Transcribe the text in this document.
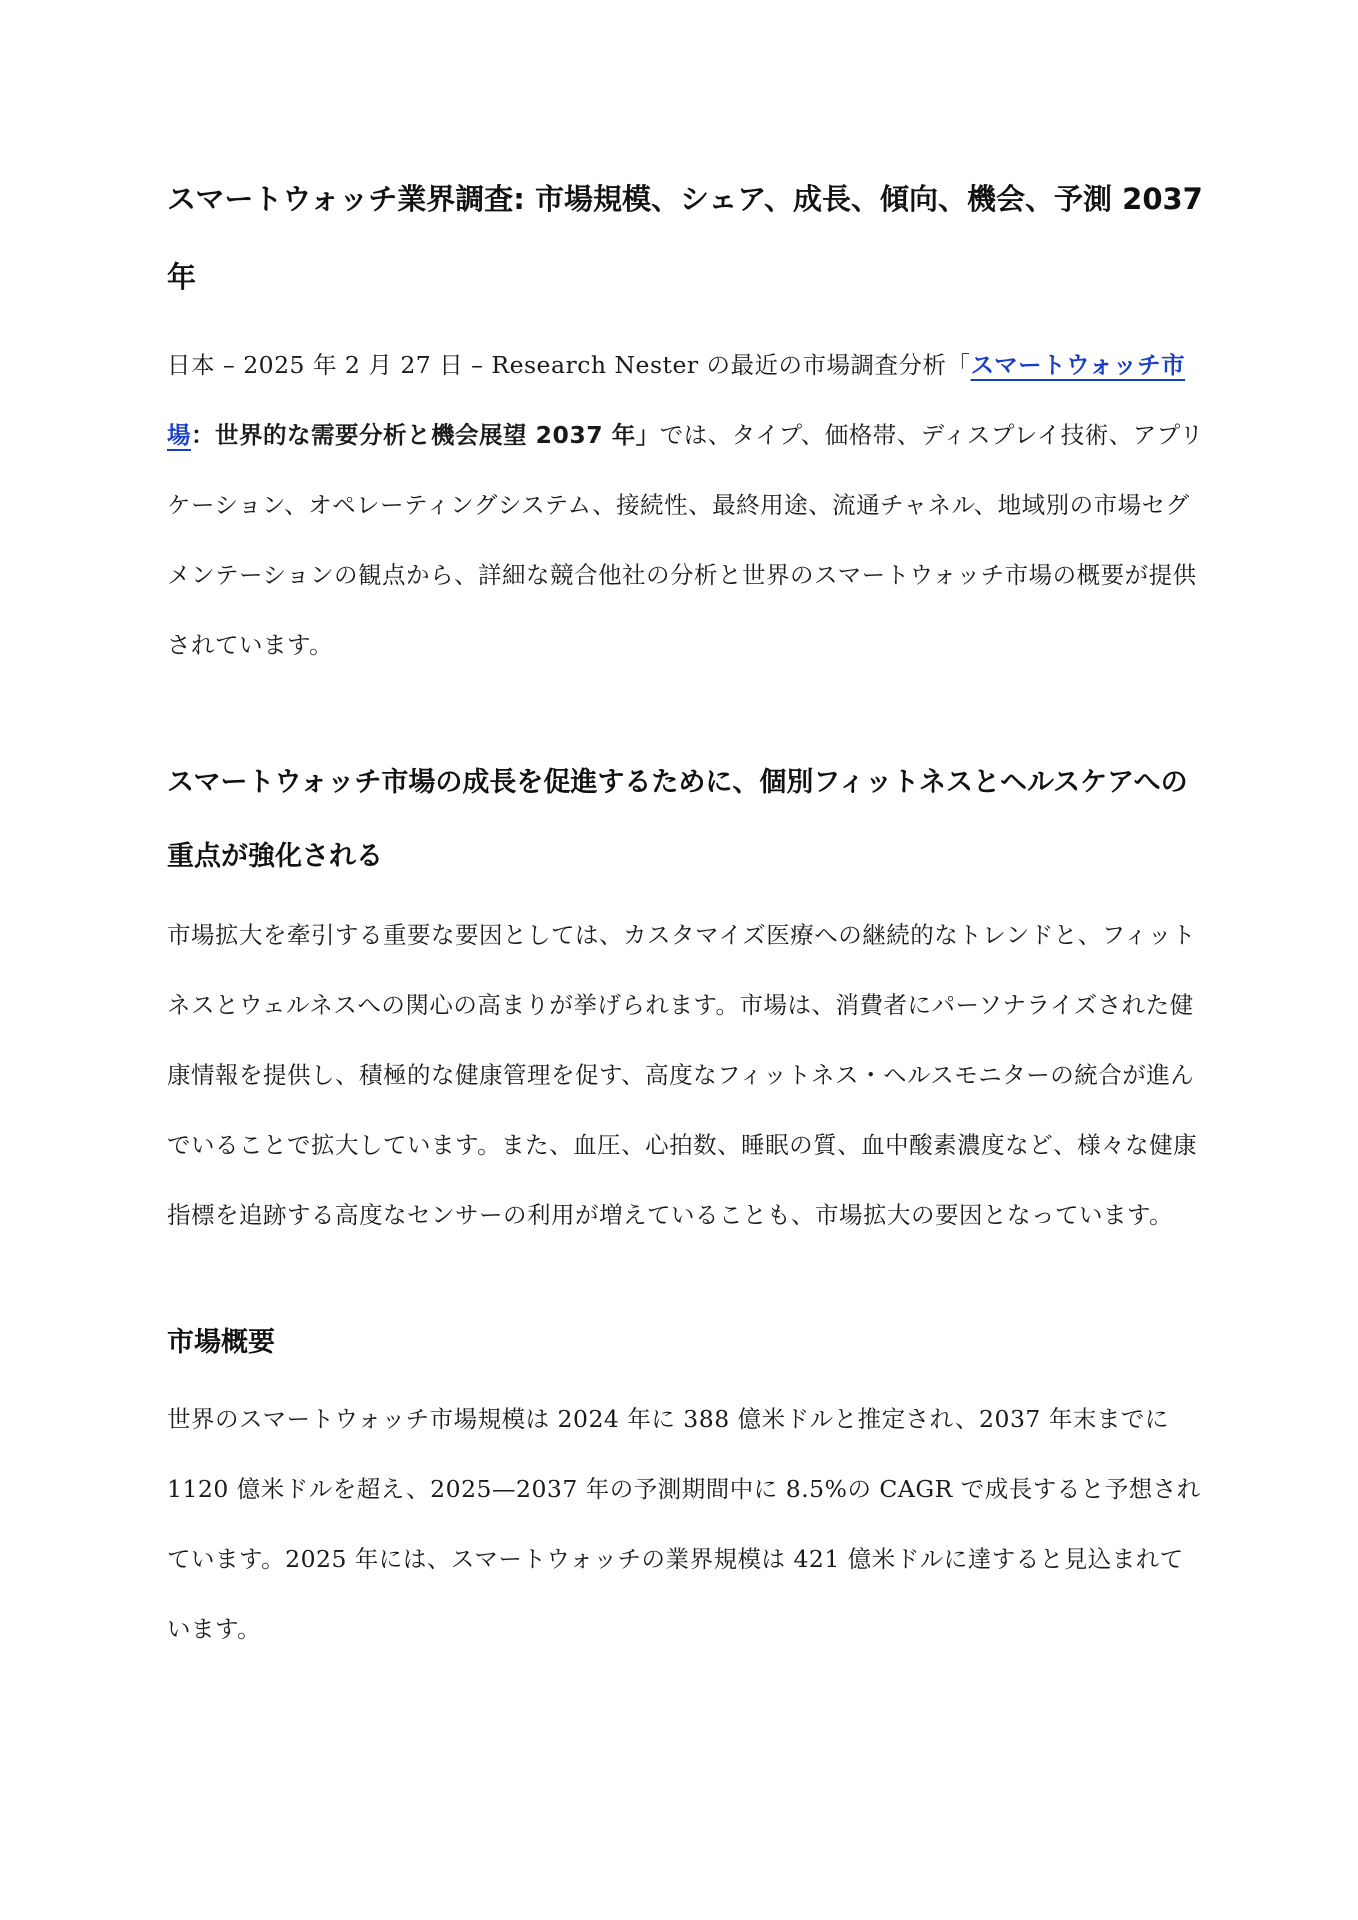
スマートウォッチ業界調査: 市場規模、シェア、成長、傾向、機会、予測 2037 年

日本 – 2025 年 2 月 27 日 – Research Nester の最近の市場調査分析「スマートウォッチ市場：世界的な需要分析と機会展望 2037 年」では、タイプ、価格帯、ディスプレイ技術、アプリケーション、オペレーティングシステム、接続性、最終用途、流通チャネル、地域別の市場セグメンテーションの観点から、詳細な競合他社の分析と世界のスマートウォッチ市場の概要が提供されています。

スマートウォッチ市場の成長を促進するために、個別フィットネスとヘルスケアへの重点が強化される

市場拡大を牽引する重要な要因としては、カスタマイズ医療への継続的なトレンドと、フィットネスとウェルネスへの関心の高まりが挙げられます。市場は、消費者にパーソナライズされた健康情報を提供し、積極的な健康管理を促す、高度なフィットネス・ヘルスモニターの統合が進んでいることで拡大しています。また、血圧、心拍数、睡眠の質、血中酸素濃度など、様々な健康指標を追跡する高度なセンサーの利用が増えていることも、市場拡大の要因となっています。

市場概要

世界のスマートウォッチ市場規模は 2024 年に 388 億米ドルと推定され、2037 年末までに 1120 億米ドルを超え、2025—2037 年の予測期間中に 8.5%の CAGR で成長すると予想されています。2025 年には、スマートウォッチの業界規模は 421 億米ドルに達すると見込まれています。
